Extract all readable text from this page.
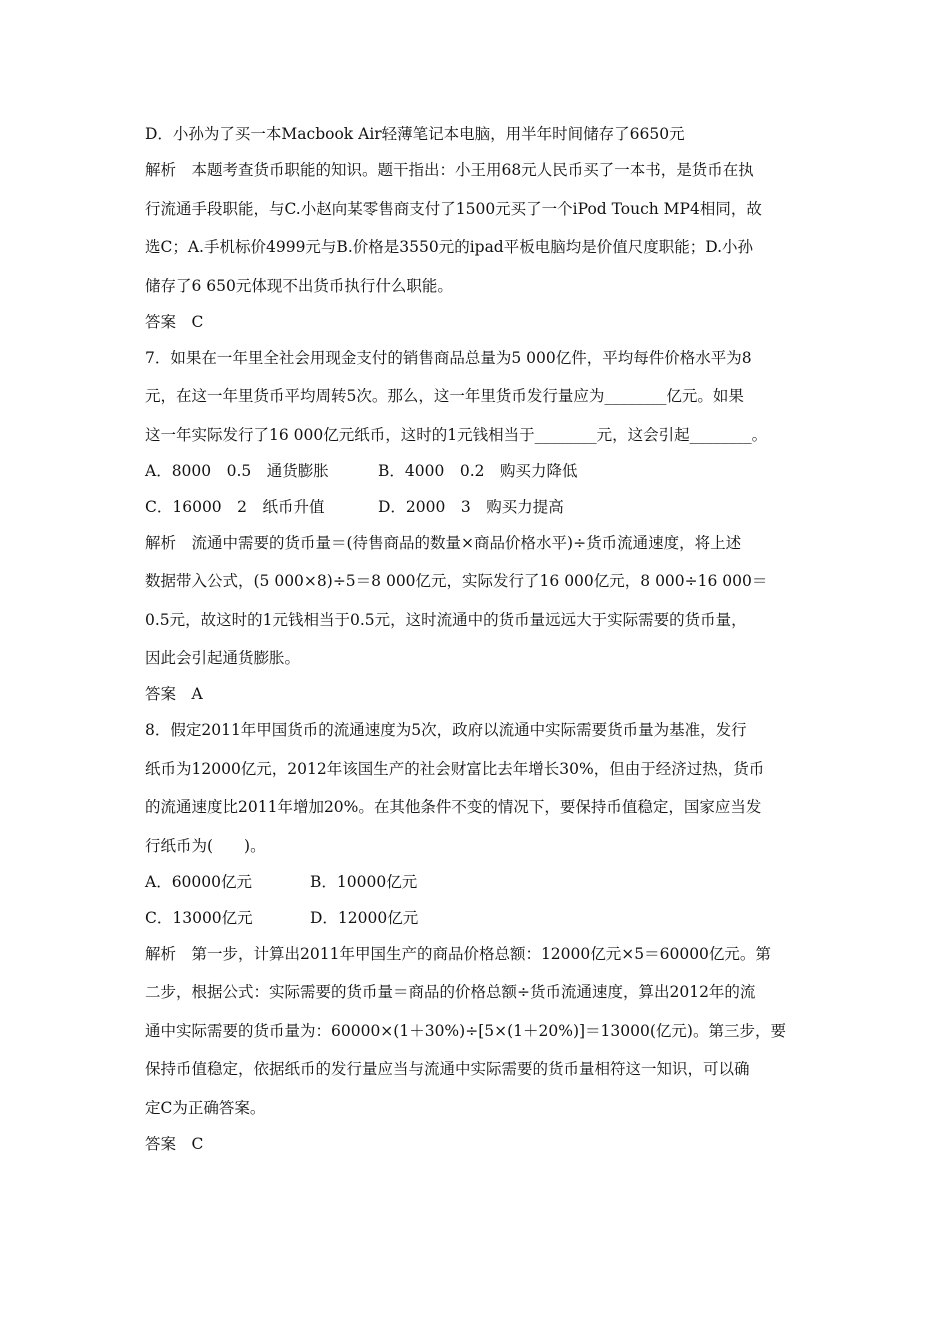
D．小孙为了买一本Macbook Air轻薄笔记本电脑，用半年时间储存了6650元

解析　本题考查货币职能的知识。题干指出：小王用68元人民币买了一本书，是货币在执

行流通手段职能，与C.小赵向某零售商支付了1500元买了一个iPod Touch MP4相同，故

选C；A.手机标价4999元与B.价格是3550元的ipad平板电脑均是价值尺度职能；D.小孙

储存了6 650元体现不出货币执行什么职能。

答案　C

7．如果在一年里全社会用现金支付的销售商品总量为5 000亿件，平均每件价格水平为8

元，在这一年里货币平均周转5次。那么，这一年里货币发行量应为________亿元。如果

这一年实际发行了16 000亿元纸币，这时的1元钱相当于________元，这会引起________。

A．8000　0.5　通货膨胀	B．4000　0.2　购买力降低
C．16000　2　纸币升值	D．2000　3　购买力提高

解析　流通中需要的货币量＝(待售商品的数量×商品价格水平)÷货币流通速度，将上述

数据带入公式，(5 000×8)÷5＝8 000亿元，实际发行了16 000亿元，8 000÷16 000＝

0.5元，故这时的1元钱相当于0.5元，这时流通中的货币量远远大于实际需要的货币量，

因此会引起通货膨胀。

答案　A

8．假定2011年甲国货币的流通速度为5次，政府以流通中实际需要货币量为基准，发行

纸币为12000亿元，2012年该国生产的社会财富比去年增长30%，但由于经济过热，货币

的流通速度比2011年增加20%。在其他条件不变的情况下，要保持币值稳定，国家应当发

行纸币为(　　)。

A．60000亿元	B．10000亿元
C．13000亿元	D．12000亿元

解析　第一步，计算出2011年甲国生产的商品价格总额：12000亿元×5＝60000亿元。第

二步，根据公式：实际需要的货币量＝商品的价格总额÷货币流通速度，算出2012年的流

通中实际需要的货币量为：60000×(1＋30%)÷[5×(1＋20%)]＝13000(亿元)。第三步，要

保持币值稳定，依据纸币的发行量应当与流通中实际需要的货币量相符这一知识，可以确

定C为正确答案。

答案　C
